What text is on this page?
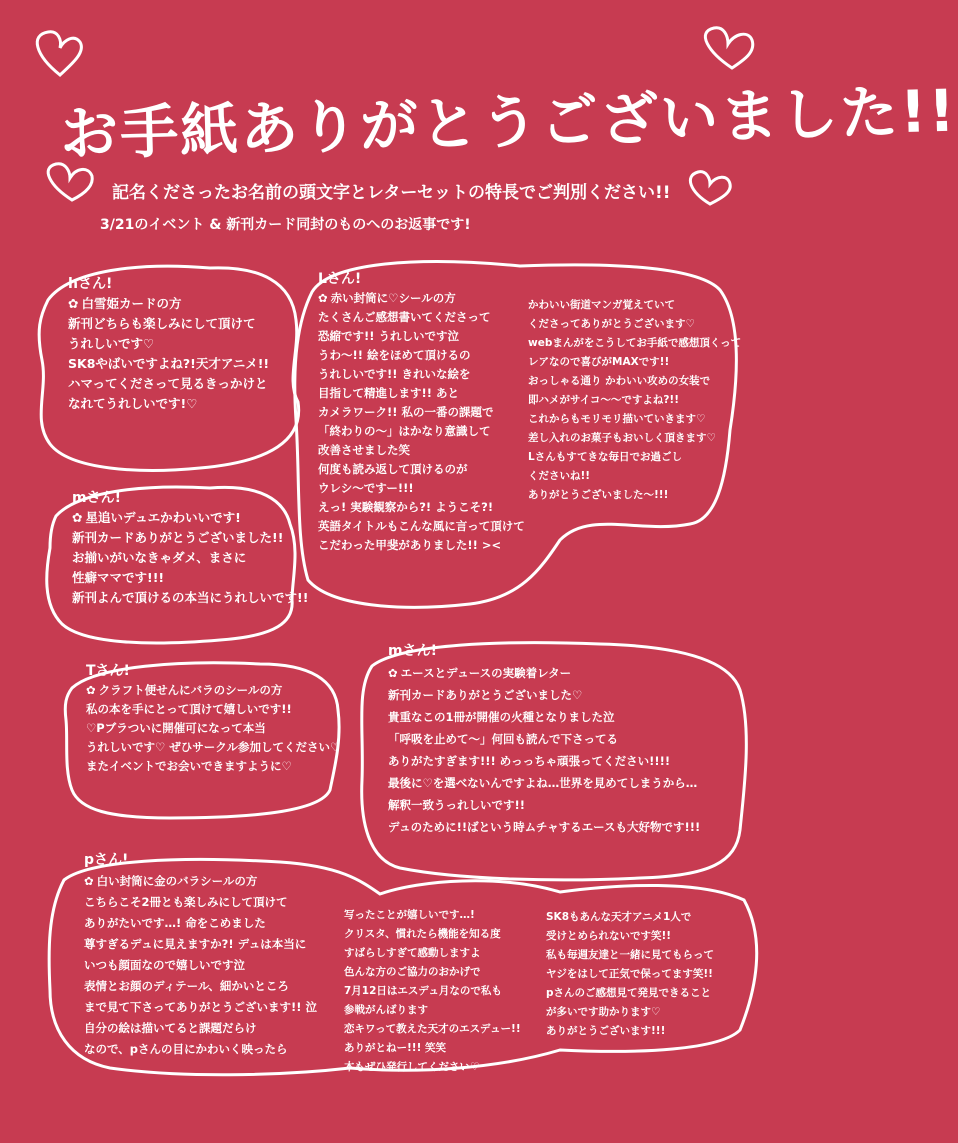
お手紙ありがとうございました!!
記名くださったお名前の頭文字とレターセットの特長でご判別ください!!
3/21のイベント & 新刊カード同封のものへのお返事です!
hさん!
✿ 白雪姫カードの方
新刊どちらも楽しみにして頂けて
うれしいです♡
SK8やばいですよね?!天才アニメ!!
ハマってくださって見るきっかけと
なれてうれしいです!♡
Lさん!
✿ 赤い封筒に♡シールの方
たくさんご感想書いてくださって
恐縮です!! うれしいです泣
うわ〜!! 絵をほめて頂けるの
うれしいです!! きれいな絵を
目指して精進します!! あと
カメラワーク!! 私の一番の課題で
「終わりの〜」はかなり意識して
改善させました笑
何度も読み返して頂けるのが
ウレシ〜ですー!!!
えっ! 実験観察から?! ようこそ?!
英語タイトルもこんな風に言って頂けて
こだわった甲斐がありました!! ><
かわいい街道マンガ覚えていて
くださってありがとうございます♡
webまんがをこうしてお手紙で感想頂くって
レアなので喜びがMAXです!!
おっしゃる通り かわいい攻めの女装で
即ハメがサイコ〜〜ですよね?!!
これからもモリモリ描いていきます♡
差し入れのお菓子もおいしく頂きます♡
Lさんもすてきな毎日でお過ごし
くださいね!!
ありがとうございました〜!!!
mさん!
✿ 星追いデュエかわいいです!
新刊カードありがとうございました!!
お揃いがいなきゃダメ、まさに
性癖ママです!!!
新刊よんで頂けるの本当にうれしいです!!
Tさん!
✿ クラフト便せんにバラのシールの方
私の本を手にとって頂けて嬉しいです!!
♡Pブラついに開催可になって本当
うれしいです♡ ぜひサークル参加してください♡
またイベントでお会いできますように♡
mさん!
✿ エースとデュースの実験着レター
新刊カードありがとうございました♡
貴重なこの1冊が開催の火種となりました泣
「呼吸を止めて〜」何回も読んで下さってる
ありがたすぎます!!! めっっちゃ頑張ってください!!!!
最後に♡を選べないんですよね…世界を見めてしまうから…
解釈一致うっれしいです!!
デュのために!!ばという時ムチャするエースも大好物です!!!
pさん!
✿ 白い封筒に金のバラシールの方
こちらこそ2冊とも楽しみにして頂けて
ありがたいです…! 命をこめました
尊すぎるデュに見えますか?! デュは本当に
いつも顔面なので嬉しいです泣
表情とお顔のディテール、細かいところ
まで見て下さってありがとうございます!! 泣
自分の絵は描いてると課題だらけ
なので、pさんの目にかわいく映ったら
写ったことが嬉しいです…!
クリスタ、慣れたら機能を知る度
すばらしすぎて感動しますよ
色んな方のご協力のおかげで
7月12日はエスデュ月なので私も
参戦がんばります
恋キワって教えた天才のエスデュー!!
ありがとねー!!! 笑笑
本もぜひ発行してください♡
SK8もあんな天才アニメ1人で
受けとめられないです笑!!
私も毎週友達と一緒に見てもらって
ヤジをはして正気で保ってます笑!!
pさんのご感想見て発見できること
が多いです助かります♡
ありがとうございます!!!
